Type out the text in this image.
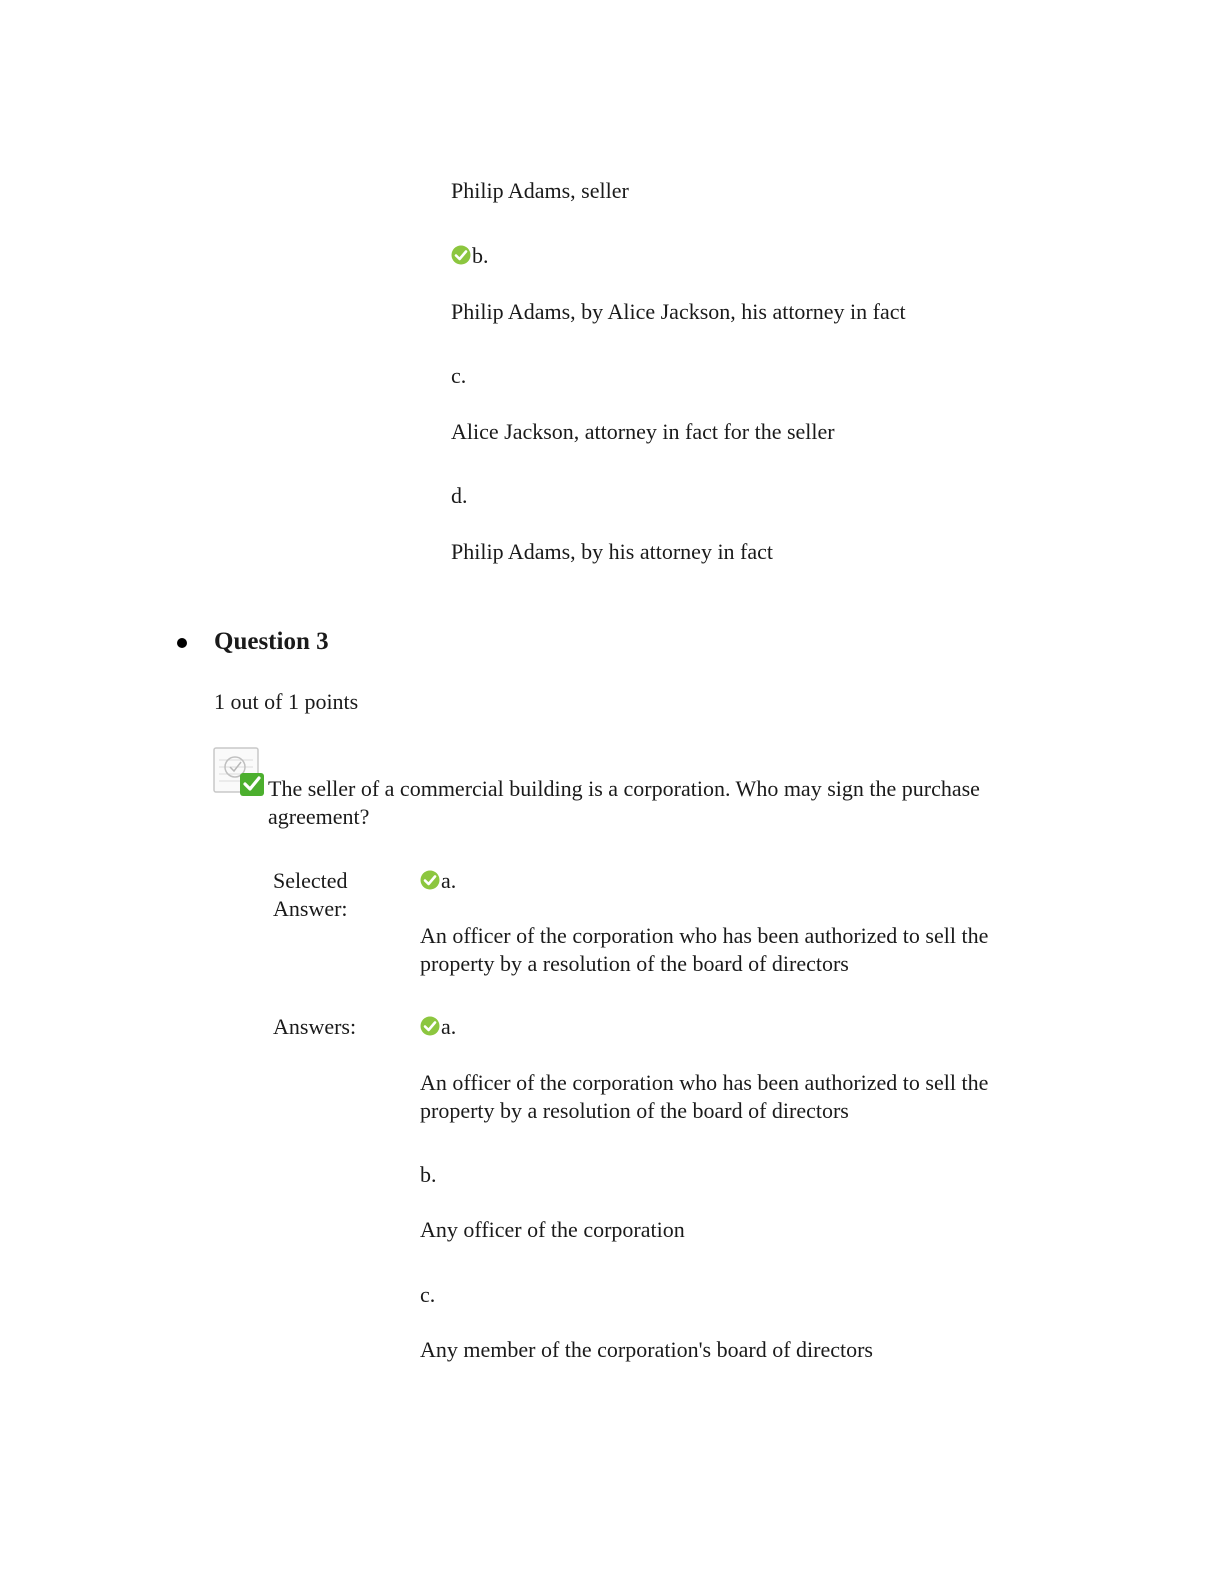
Philip Adams, seller
b.
Philip Adams, by Alice Jackson, his attorney in fact
c.
Alice Jackson, attorney in fact for the seller
d.
Philip Adams, by his attorney in fact
Question 3
1 out of 1 points
The seller of a commercial building is a corporation. Who may sign the purchase agreement?
Selected Answer:
a.
An officer of the corporation who has been authorized to sell the property by a resolution of the board of directors
Answers:	a.
An officer of the corporation who has been authorized to sell the property by a resolution of the board of directors
b.
Any officer of the corporation
c.
Any member of the corporation's board of directors
